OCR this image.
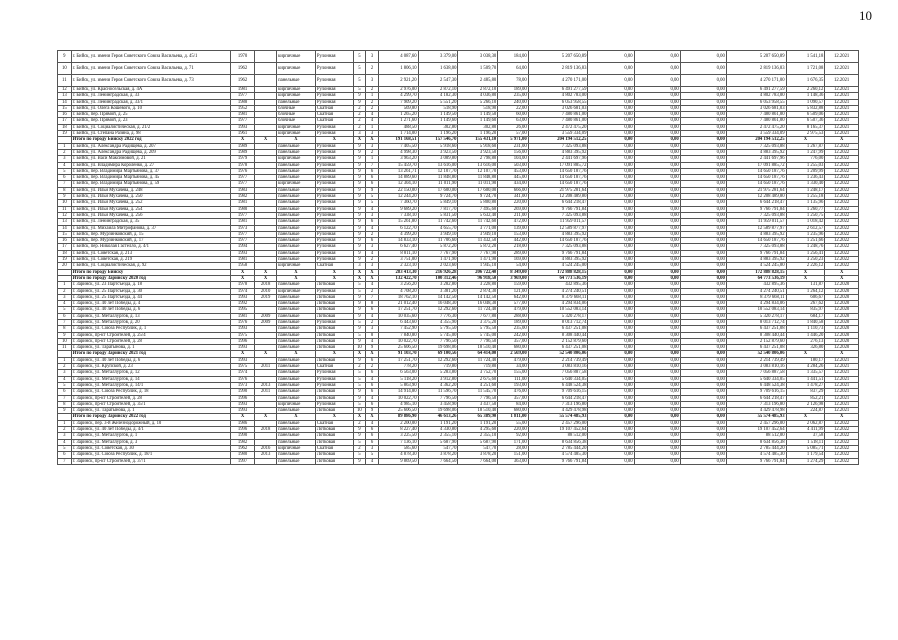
10
9	г. Бийск, ул. имени Героя Советского Союза Васильева, д. 45/1	1970		кирпичные	Рулонная	5	3	4 087,60	3 379,00	3 038,30	184,00	5 207 650,89	0,00	0,00	0,00	5 207 650,89	1 541,18	12.2021
10	г. Бийск, ул. имени Героя Советского Союза Васильева, д. 71	1962		кирпичные	Рулонная	5	2	1 806,10	1 638,00	1 509,70	64,00	2 819 136,83	0,00	0,00	0,00	2 819 136,83	1 721,08	12.2021
11	г. Бийск, ул. имени Героя Советского Союза Васильева, д. 73	1962		панельные	Рулонная	5	3	2 921,20	2 547,30	2 485,80	78,00	4 270 171,00	0,00	0,00	0,00	4 270 171,00	1 676,35	12.2021
12	г. Бийск, ул. Красносельская, д. 4А	1981		кирпичные	Рулонная	5	2	2 976,00	2 872,10	2 872,10	189,00	6 491 277,59	0,00	0,00	0,00	6 491 277,59	2 260,12	12.2021
13	г. Бийск, ул. Ленинградская, д. 33	1977		кирпичные	Рулонная	9	1	4 299,70	4 182,30	4 036,80	235,00	4 802 783,00	0,00	0,00	0,00	4 802 783,00	1 148,36	12.2021
14	г. Бийск, ул. Ленинградская, д. 33/1	1988		панельные	Рулонная	9	2	7 909,20	5 551,20	5 266,10	240,00	6 053 958,55	0,00	0,00	0,00	6 053 958,55	1 090,57	12.2021
15	г. Бийск, ул. Олега Кошевого, д. 10	1952		блочные	Скатная	2	2	569,80	518,90	518,90	22,00	3 026 681,03	0,00	0,00	0,00	3 026 681,03	5 832,88	12.2021
16	г. Бийск, пер. Прямой, д. 25	1981		блочные	Скатная	2	4	1 265,20	1 149,50	1 149,50	60,00	7 480 861,00	0,00	0,00	0,00	7 480 861,00	6 509,06	12.2021
17	г. Бийск, пер. Прямой, д. 23	1977		блочные	Скатная	2	4	1 271,60	1 149,60	1 149,60	63,00	7 480 861,00	0,00	0,00	0,00	7 480 861,00	6 507,36	12.2021
18	г. Бийск, ул. Социалистическая, д. 21/2	1993		кирпичные	Рулонная	2	1	488,50	302,80	302,80	26,00	2 472 475,20	0,00	0,00	0,00	2 472 475,20	8 165,37	12.2021
19	г. Бийск, ул. Степана Разина, д. 98	1961		кирпичные	Рулонная	3	3	1 714,00	1 196,20	1 196,20	57,00	3 559 334,09	0,00	0,00	0,00	3 559 334,09	2 975,53	12.2021
	Итого по городу Бийску 2022 год	X	X	X	X	X	X	191 168,51	157 546,70	155 431,10	5 971,00	204 194 512,25	0,00	0,00	0,00	204 194 512,25	X	X
1	г. Бийск, ул. Александра Радищева, д. 207	1989		панельные	Рулонная	9	3	7 405,50	5 918,60	5 918,60	231,00	7 325 093,88	0,00	0,00	0,00	7 325 093,88	1 267,87	12.2022
2	г. Бийск, ул. Александра Радищева, д. 209	1989		панельные	Рулонная	9	2	4 998,30	3 923,50	3 923,50	156,00	4 883 395,92	0,00	0,00	0,00	4 883 395,92	1 247,99	12.2022
3	г. Бийск, ул. Васи Максимовой, д. 21	1979		кирпичные	Рулонная	9	1	3 963,20	3 089,80	2 798,80	104,00	2 441 697,96	0,00	0,00	0,00	2 441 697,96	776,00	12.2022
4	г. Бийск, ул. Владимира Короленко, д. 27	1978		панельные	Рулонная	9	7	15 459,70	13 616,00	13 616,00	503,00	17 091 885,72	0,00	0,00	0,00	17 091 885,72	1 255,03	12.2022
5	г. Бийск, пер. Владимира Мартьянова, д. 37	1976		панельные	Рулонная	9	6	13 261,71	12 107,70	12 107,70	453,00	14 650 187,76	0,00	0,00	0,00	14 650 187,76	1 209,99	12.2022
6	г. Бийск, пер. Владимира Мартьянова, д. 45	1977		панельные	Рулонная	9	6	14 889,60	11 848,80	11 848,80	445,00	14 650 187,76	0,00	0,00	0,00	14 650 187,76	1 236,43	12.2022
7	г. Бийск, пер. Владимира Мартьянова, д. 59	1977		кирпичные	Рулонная	9	6	12 304,10	11 011,90	11 011,90	434,00	14 650 187,76	0,00	0,00	0,00	14 650 187,76	1 330,40	12.2022
8	г. Бийск, ул. Ильи Мухачева, д. 248	1983		панельные	Рулонная	9	9	22 150,00	17 600,00	17 600,00	666,00	21 975 281,64	0,00	0,00	0,00	21 975 281,64	1 248,17	12.2022
9	г. Бийск, ул. Ильи Мухачева, д. 250	1982		панельные	Рулонная	9	5	12 244,20	9 724,70	9 724,70	341,00	12 208 489,80	0,00	0,00	0,00	12 208 489,80	1 255,18	12.2022
10	г. Бийск, ул. Ильи Мухачева, д. 252	1981		панельные	Рулонная	9	5	7 360,70	5 849,10	5 800,80	220,00	6 644 218,47	0,00	0,00	0,00	6 644 218,47	1 135,96	12.2022
11	г. Бийск, ул. Ильи Мухачева, д. 254	1980		панельные	Рулонная	9	4	9 689,20	7 817,70	7 495,60	269,00	9 766 791,84	0,00	0,00	0,00	9 766 791,84	1 260,77	12.2022
12	г. Бийск, ул. Ильи Мухачева, д. 256	1977		панельные	Рулонная	9	3	7 338,10	5 831,50	5 632,40	211,00	7 325 093,88	0,00	0,00	0,00	7 325 093,88	1 250,75	12.2022
13	г. Бийск, ул. Ленинградская, д. 35	1981		панельные	Рулонная	9	6	15 261,80	11 742,60	11 742,60	472,00	11 959 011,57	0,00	0,00	0,00	11 959 011,57	1 018,42	12.2022
14	г. Бийск, ул. Михаила Митрофанова, д. 37	1973		панельные	Рулонная	9	4	6 122,70	4 655,70	3 771,00	139,00	12 589 877,97	0,00	0,00	0,00	12 589 877,97	2 612,57	12.2022
15	г. Бийск, пер. Мурзинковский, д. 15	1977		панельные	Рулонная	9	2	4 399,20	3 949,10	3 949,10	153,00	4 883 395,92	0,00	0,00	0,00	4 883 395,92	1 235,96	12.2022
16	г. Бийск, пер. Мурзинковский, д. 17	1977		панельные	Рулонная	9	6	14 833,10	11 706,60	11 432,50	442,00	14 650 187,76	0,00	0,00	0,00	14 650 187,76	1 251,66	12.2022
17	г. Бийск, пер. Николая Гастелло, д. 4/1	1994		панельные	Рулонная	9	3	6 627,40	5 872,20	5 872,20	218,00	7 325 093,88	0,00	0,00	0,00	7 325 093,88	1 248,76	12.2022
18	г. Бийск, ул. Советская, д. 213	1993		панельные	Рулонная	9	4	8 811,10	7 767,90	7 767,90	289,00	9 766 791,84	0,00	0,00	0,00	9 766 791,84	1 256,41	12.2022
19	г. Бийск, ул. Советская, д. 219	1981		панельные	Рулонная	9	2	3 751,00	1 471,90	1 471,90	169,00	4 883 395,92	0,00	0,00	0,00	4 883 395,92	3 250,23	12.2022
20	г. Бийск, ул. Социалистическая, д. 92	1958		кирпичные	Скатная	3	3	2 323,10	2 023,60	1 945,10	54,00	4 524 245,00	0,00	0,00	0,00	4 524 245,00	2 226,12	12.2022
	Итого по городу Бийску	X	X	X	X	X	X	283 413,30	216 926,28	206 722,40	8 349,00	172 888 828,15	0,00	0,00	0,00	172 888 828,15	X	X
	Итого по городу Заринску 2020 год	X	X	X	X	X	X	132 422,70	100 312,46	96 918,50	3 969,00	64 773 536,19	0,00	0,00	0,00	64 773 536,19	X	X
1	г. Заринск, ул. 23 Партсъезда, д. 18	1978	2018	панельные	Лотковая	5	4	3 256,20	3 282,80	3 228,80	159,00	432 895,36	0,00	0,00	0,00	432 895,36	131,87	12.2020
2	г. Заринск, ул. 25 Партсъезда, д. 30	1974	2010	кирпичные	Рулонная	5	2	4 708,20	3 381,20	2 874,30	121,00	4 274 240,51	0,00	0,00	0,00	4 274 240,51	1 264,12	12.2020
3	г. Заринск, ул. 25 Партсъезда, д. 44	1993	2019	панельные	Лотковая	9	7	18 762,10	14 142,50	14 142,50	642,00	8 379 668,11	0,00	0,00	0,00	8 379 668,11	606,67	12.2020
4	г. Заринск, ул. 40 лет Победы, д. 4	1992		панельные	Лотковая	9	8	21 012,40	16 048,30	16 048,30	577,00	4 294 834,06	0,00	0,00	0,00	4 294 834,06	267,62	12.2020
5	г. Заринск, ул. 40 лет Победы, д. 6	1995		панельные	Лотковая	9	6	17 251,70	12 292,60	11 724,40	479,00	10 552 083,14	0,00	0,00	0,00	10 552 083,14	835,97	12.2020
6	г. Заринск, ул. Металлургов, д. 13	1981	2009	панельные	Лотковая	9	4	10 035,60	7 776,30	7 677,80	288,00	5 320 278,17	0,00	0,00	0,00	5 320 278,17	684,17	12.2020
7	г. Заринск, ул. Металлургов, д. 20	1976	2009	панельные	Рулонная	5	2	6 443,60	4 355,90	3 375,20	189,00	8 013 712,74	0,00	0,00	0,00	8 013 712,74	1 840,58	12.2020
8	г. Заринск, ул. Союза Республик, д. 1	1993		панельные	Лотковая	9	3	7 452,90	5 795,50	5 795,50	235,00	6 437 251,08	0,00	0,00	0,00	6 437 251,08	1 110,73	12.2020
9	г. Заринск, пр-кт Строителей, д. 25/4	1975		панельные	Лотковая	5	8	7 840,80	5 745,00	5 745,00	242,00	8 308 440,44	0,00	0,00	0,00	8 308 440,44	1 446,20	12.2020
10	г. Заринск, пр-кт Строителей, д. 28	1996		панельные	Лотковая	9	4	10 022,70	7 796,50	7 796,50	357,00	2 152 879,60	0,00	0,00	0,00	2 152 879,60	276,13	12.2020
11	г. Заринск, ул. Таратынова, д. 1	1993		панельные	Лотковая	10	9	25 606,50	19 698,06	18 510,40	680,00	6 437 251,08	0,00	0,00	0,00	6 437 251,08	326,80	12.2020
	Итого по городу Заринску 2021 год	X	X	X	X	X	X	91 103,70	69 100,56	64 414,00	2 569,00	52 540 806,06	0,00	0,00	0,00	52 540 806,06	X	X
1	г. Заринск, ул. 40 лет Победы, д. 6	1993		панельные	Лотковая	9	6	17 251,70	12 292,60	11 724,40	479,00	2 214 739,49	0,00	0,00	0,00	2 214 739,49	180,17	12.2021
2	г. Заринск, ул. Крупской, д. 23	1975	2011	панельные	Скатная	2	2	778,20	719,80	719,80	34,00	3 083 810,16	0,00	0,00	0,00	3 083 810,16	4 284,26	12.2021
3	г. Заринск, ул. Металлургов, д. 12	1974		панельные	Рулонная	5	6	6 563,00	5 283,80	3 752,70	155,00	7 056 887,58	0,00	0,00	0,00	7 056 887,58	1 335,57	12.2021
4	г. Заринск, ул. Металлургов, д. 14	1976		панельные	Рулонная	5	4	5 118,20	3 912,80	2 675,60	111,00	5 640 334,05	0,00	0,00	0,00	5 640 334,05	1 441,51	12.2021
5	г. Заринск, ул. Металлургов, д. 14/1	1973	2013	панельные	Рулонная	5	6	5 863,90	4 362,20	4 251,60	193,00	6 448 524,38	0,00	0,00	0,00	6 448 524,38	1 478,27	12.2021
6	г. Заринск, ул. Союза Республик, д. 18	1990	2011	панельные	Лотковая	9	6	14 914,80	11 596,70	11 545,70	476,00	9 709 616,15	0,00	0,00	0,00	9 709 616,15	837,29	12.2021
7	г. Заринск, пр-кт Строителей, д. 28	1996		панельные	Лотковая	9	4	10 022,70	7 796,50	7 796,50	357,00	6 644 218,47	0,00	0,00	0,00	6 644 218,47	852,21	12.2021
8	г. Заринск, пр-кт Строителей, д. 35/1	1993		кирпичные	Рулонная	5	6	4 985,10	3 458,90	3 437,50	84,00	7 313 196,80	0,00	0,00	0,00	7 313 196,80	2 126,98	12.2021
9	г. Заринск, ул. Таратынова, д. 1	1993		панельные	Лотковая	10	9	25 606,50	19 698,06	18 510,40	680,00	4 429 478,98	0,00	0,00	0,00	4 429 478,98	224,87	12.2021
	Итого по городу Заринску 2022 год	X	X	X	X	X	X	89 886,90	46 613,26	65 389,90	1 811,00	55 574 485,93	0,00	0,00	0,00	55 574 485,93	X	X
1	г. Заринск, пер. 3-й Железнодорожный, д. 10	1986		панельные	Скатная	2	4	2 200,00	1 191,20	1 191,20	55,00	2 457 296,00	0,00	0,00	0,00	2 457 296,00	2 062,87	12.2022
2	г. Заринск, ул. 40 лет Победы, д. 4/1	1996	2018	панельные	Лотковая	9	6	8 227,40	4 330,80	4 295,60	220,00	19 107 452,64	0,00	0,00	0,00	19 107 452,64	4 411,99	12.2022
3	г. Заринск, ул. Металлургов, д. 1	1990		панельные	Лотковая	9	6	3 225,50	2 355,10	2 355,10	92,00	88 512,00	0,00	0,00	0,00	88 512,00	37,58	12.2022
4	г. Заринск, ул. Металлургов, д. 3	1982		панельные	Лотковая	5	6	7 136,10	5 687,90	5 687,90	171,00	8 634 856,38	0,00	0,00	0,00	8 634 856,38	1 518,11	12.2022
5	г. Заринск, ул. Советская, д. 30	1962	2016	кирпичные	Скатная	2	3	585,60	547,70	547,70	28,00	2 785 444,20	0,00	0,00	0,00	2 785 444,20	5 085,71	12.2022
6	г. Заринск, ул. Союза Республик, д. 18/1	1980	2013	панельные	Лотковая	5	5	4 878,30	3 878,20	3 878,20	151,00	4 574 485,30	0,00	0,00	0,00	4 574 485,30	1 179,54	12.2022
7	г. Заринск, пр-кт Строителей, д. 37/1	1997		панельные	Лотковая	9	4	9 869,50	7 664,50	7 664,00	363,00	9 766 791,84	0,00	0,00	0,00	9 766 791,84	1 274,29	12.2022
